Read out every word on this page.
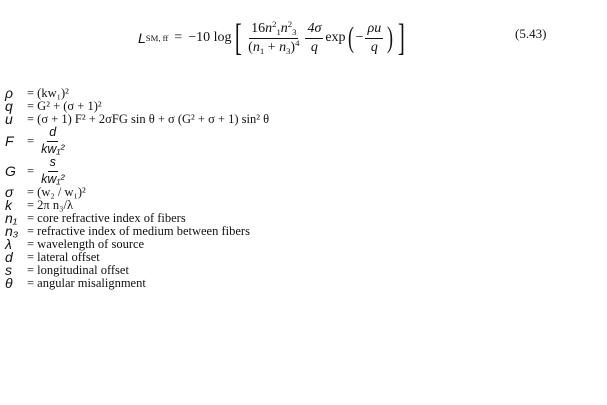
L SM, ff = −10 log [ $\frac{16n^2_1n^2_3}{(n_1 + n_3)^4} \frac{4\sigma}{q}$ exp ( − $\frac{\rho u}{q}$ ) ]	(5.43)
ρ	= (kw₁)²
q	= G² + (σ + 1)²
u	= (σ + 1) F² + 2σFG sin θ + σ (G² + σ + 1) sin² θ
F	= $\frac{d}{\text{kw₁²}}$
$G = \frac{s}{\text{kw₁²}}$
σ	= (w₂ / w₁)²
k	= 2π n₃/λ
n₁ = core refractive index of fibers
n₃ = refractive index of medium between fibers
λ	= wavelength of source
d	= lateral offset
s	= longitudinal offset
θ	= angular misalignment
